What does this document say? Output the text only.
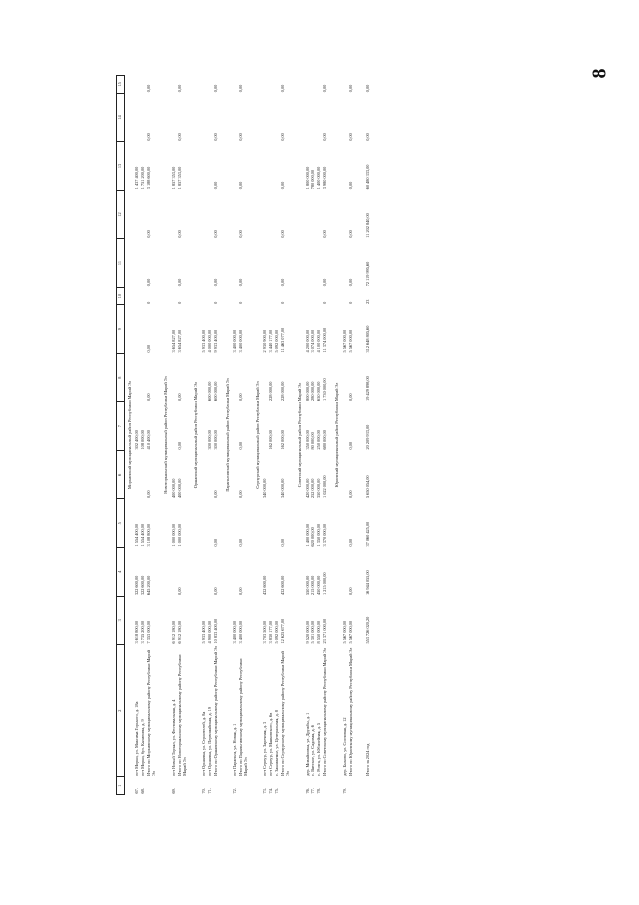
8
1	2	3	4	5	6	7	8	9	10	11	12	13	14	15
Моркинский муниципальный район Республики Марий Эл														
67.	пгт Морки, ул. Максима Горького, д. 18а	3 618 800,00	322 600,00	1 554 400,00		302 400,00						1 437 400,00		
68.	пгт Морки, бул. Калинина, д. 9	3 735 200,00	322 600,00	1 554 400,00		108 000,00						1 751 200,00		
	Итого по Моркинскому муниципальному району Республики Марий Эл	7 353 000,00	645 200,00	3 108 800,00	0,00	410 400,00	0,00	0,00	0	0,00	0,00	3 188 600,00	0,00	0,00
Новоторъяльский муниципальный район Республики Марий Эл														
69.	пгт Новый Торъял, ул. Фестивальная, д. 4	6 912 180,00		1 000 000,00	400 000,00			3 654 827,00				1 857 353,00		
	Итого по Новоторъяльскому муниципальному району Республики Марий Эл	6 912 180,00	0,00	1 000 000,00	400 000,00	0,00	0,00	3 654 827,00	0	0,00	0,00	1 857 353,00	0,00	0,00
Оршанский муниципальный район Республики Марий Эл														
70.	пгт Оршанка, ул. Строителей, д. 8а	5 933 400,00						5 933 400,00						
71.	пгт Оршанка, ул. Первомайская, д. 19	4 900 000,00				300 000,00	600 000,00	4 000 000,00						
	Итого по Оршанскому муниципальному району Республики Марий Эл	10 833 400,00	0,00	0,00	0,00	300 000,00	600 000,00	9 933 400,00	0	0,00	0,00	0,00	0,00	0,00
Параньгинский муниципальный район Республики Марий Эл														
72.	пгт Параньга, ул. Новая, д. 1	3 400 000,00						3 400 000,00						
	Итого по Параньгинскому муниципальному району Республики Марий Эл	3 400 000,00	0,00	0,00	0,00	0,00	0,00	3 400 000,00	0	0,00	0,00	0,00	0,00	0,00
Сернурский муниципальный район Республики Марий Эл														
73.	пгт Сернур, ул. Заречная, д. 3	3 703 500,00	432 600,00		340 000,00			2 930 900,00						
74.	пгт Сернур, ул. Маяковского, д. 6в	3 830 177,00				162 000,00	228 000,00	3 440 177,00						
75.	с. Зашижемье, ул. Центральная, д. 8	5 092 000,00						5 092 000,00						
	Итого по Сернурскому муниципальному району Республики Марий Эл	12 625 677,00	432 600,00	0,00	340 000,00	162 000,00	228 000,00	11 463 077,00	0	0,00	0,00	0,00	0,00	0,00
Советский муниципальный район Республики Марий Эл														
76.	дер. Михайловка, ул. Дружбы, д. 1	9 520 000,00	550 000,00	1 400 000,00	420 000,00	350 000,00	800 000,00	4 200 000,00				1 800 000,00		
77.	с. Вятское, ул. Садовая, д. 6	5 301 000,00	215 000,00	620 000,00	252 000,00	80 000,00	280 000,00	3 074 000,00				780 000,00		
78.	с. Ронга, ул. Юбилейная, д. 5	8 550 000,00	450 000,00	1 350 000,00	350 000,00	250 000,00	650 000,00	4 100 000,00				1 400 000,00		
	Итого по Советскому муниципальному району Республики Марий Эл	23 371 000,00	1 215 000,00	3 370 000,00	1 022 000,00	680 000,00	1 730 000,00	11 374 000,00	0	0,00	0,00	3 980 000,00	0,00	0,00
Юринский муниципальный район Республики Марий Эл														
79.	дер. Быково, ул. Сосновая, д. 12	5 567 000,00						5 567 000,00						
	Итого по Юринскому муниципальному району Республики Марий Эл	5 567 000,00	0,00	0,00	0,00	0,00	0,00	5 567 000,00	0	0,00	0,00	0,00	0,00	0,00
	Итого за 2024 год	553 726 020,20	16 944 055,00	37 060 425,00	5 650 054,00	20 209 933,00	19 429 898,00	312 648 805,60	23	72 119 995,60	11 202 840,00	60 480 333,00	0,00	0,00
